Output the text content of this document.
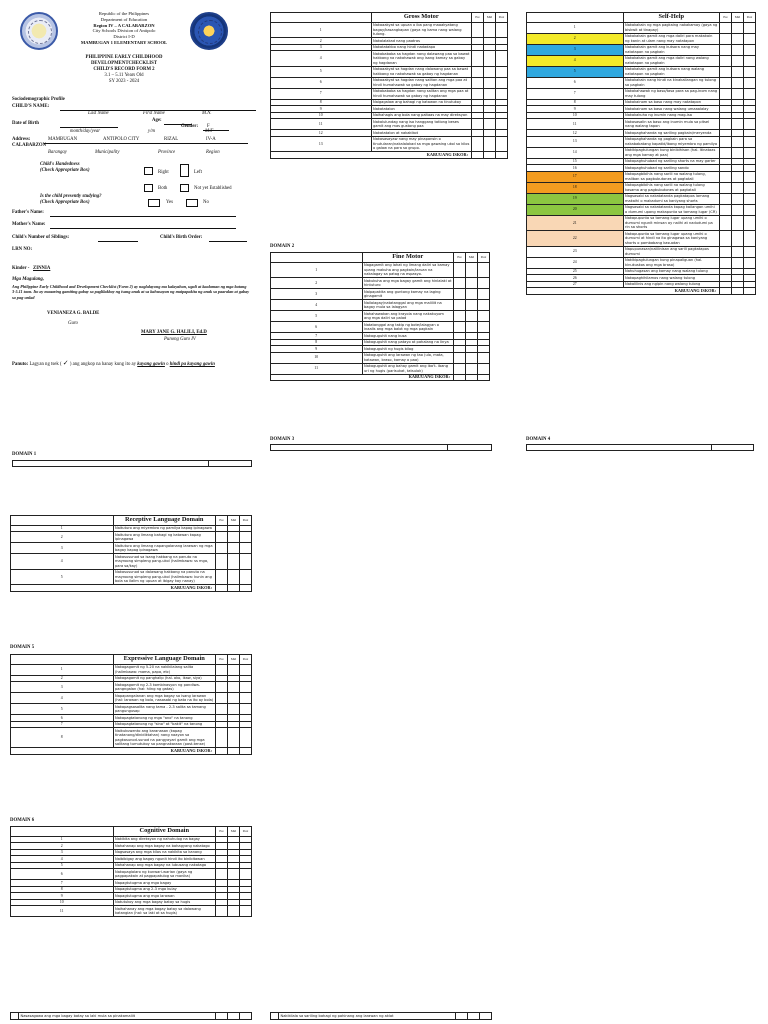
Republic of the Philippines
Department of Education
Region IV – A CALABARZON
City Schools Division of Antipolo
District I-D
MAMBUGAN 1 ELEMENTARY SCHOOL
PHILIPPINE EARLY CHILDHOOD
DEVELOPMENTCHECKLIST
CHILD'S RECORD FORM 2
3.1 – 5.11 Years Old
SY 2023 - 2024
Sociodemographic Profile
CHILD'S NAME:
Last Name	First Name	M.N.
Date of Birth
Age:
Gender: F
month/day/year	y/m	M/F
Address:	MAMBUGAN	ANTIPOLO CITY	RIZAL	IV-A
CALABARZON
Barangay	Municipality	Province	Region
Child's Handedness
(Check Appropriate Box)	Right	Left
Both	Not yet Established
Is the child presently studying?
(Check Appropriate Box)	Yes	No
Father's Name:
Mother's Name:
Child's Number of Siblings:	Child's Birth Order:
LRN NO:
Kinder - ZINNIA
Mga Magulang,
Ang Philippine Early Childhood and Development Checklist (Form 2) ay naglalayong ma kalayahan, ugali at kaalaman ng mga batang 3-5.11 taon. Ito ay maaaring gamiting gabay sa paglilakbay ng isang anak at sa kahusayan ng maipapakita ng anak sa paaralan at gabay sa pag-unlad
VENIANEZA G. BALDE
Guro
MARY JANE G. HALILI, Ed.D
Punong Guro IV
Panuto: Lagyan ng tsek ( ✓ ) ang angkop na hanay kung ito ay kayang gawin o hindi pa kayang gawin
DOMAIN 1
	Gross Motor	Pre	Mid	Post
1	Nakaaakyat sa upuan o iba pang maaakyatang bagay/kasangkapan (gaya ng kama nang walang tulong.			
2	Nakalalakad nang paatras			
3	Nakatatakbo nang hindi nadadapa			
4	Nakabababa sa hagdan nang dalawang paa sa bawat hakbang na nakahawak ang isang kamay sa gabay ng hagdanan			
5	Nakaaakyat sa hagdan nang dalawang paa sa bawat hakbang na nakahawak sa gabay ng hagdanan			
6	Nakaaakyat sa hagdan nang salitan ang mga paa at hindi humahawak sa gabay ng hagdanan			
7	Nakabababa sa hagdan nang salitan ang mga paa at hindi humahawak sa gabay ng hagdanan			
8	Naigagalaw ang bahagi ng katawan na tinutukoy			
9	Nakatatalon			
10	Naihahagis ang bola nang paitaas na may direksyon			
11	Nakalulundag nang isa hanggang tatlong beses gamit ang mas gustong paa			
12	Nakatatalon at nakakikot			
13	Nakasasayaw nang may pinapansin o tinutularan/nakalalakad sa mga gawaing ukol sa kilos o galaw na para sa grupo.			
KABUUANG ISKOR:				
DOMAIN 2
	Fine Motor	Pre	Mid	Post
1	Nagagamit ang lahat ng limang daliri sa kamay upang makuha ang pagkain/laruan na nakalagay sa patag na espasyo.			
2	Nakukuha ang mga bagay gamit ang hinlalaki at hintuturo			
3	Naipapakita ang guntong kamay na laging ginagamit			
4	Nailalagay/natatanggal ang mga maliliit na bagay mula sa lalagyan			
5	Nahahawakan ang krayola nang nakakuyom ang mga daliri sa palad			
6	Natatanggal ang takip ng bote/lalagyan o inaalis ang mga balot ng mga pagkain			
7	Nakaguguhit nang kusa			
8	Nakaguguhit nang patayo at pahalang na linya			
9	Nakaguguhit ng hugis bilog			
10	Nakaguguhit ang larawan ng tao (ulo, mata, katawan, braso, kamay o paa)			
11	Nakaguguhit ang bahay gamit ang iba't- ibang uri ng hugis (parisukat, tatsulok)			
KABUUANG ISKOR:				
DOMAIN 3
	Self-Help	Pre	Mid	Post
1	Nakakakain ng mga pagkaing nakakamay (gaya ng biskwit at tinapay)			
2	Nakakakain gamit ang mga daliri para makakain ng kanin at ulam nang may natatapon			
3	Nakakakain gamit ang kutsara nang may natatapon na pagkain			
4	Nakakakain gamit ang mga daliri nang walang natatapon na pagkain			
5	Nakakakain gamit ang kutsara nang walang natatapon na pagkain			
6	Nakakakain nang hindi na kinakailangan ng tulong sa pagkain			
7	Nakakahawak ng baso/tasa para sa pag-inom nang may tulong			
8	Nakakainom sa baso nang may natatapon			
9	Nakakainom sa baso nang walang umaaalalay			
10	Nakakakuha ng inumin nang mag-isa			
11	Nakasasalin sa baso ang inumin mula sa pitsel nang walang tapon			
12	Nakapaghahanda ng sariling pagkain/meryenda			
13	Nakapaghahanda ng pagkain para sa nakababatang kapatid/ibang miyembro ng pamilya			
14	Nakikipagtulungan kung binibihisan (hal. Itinataas ang mga kamay at paa)			
15	Nakapaghuhubad ng sariling shorts na may garter			
16	Nakapaghuhubad ng sariling sando			
17	Nakapagbibihis nang sarili na walang tulong, maliban sa pagbubutones at pagtatali			
18	Nakapagbibihis nang sarili na walang tulong kasama ang pagbubutones at pagtatali			
19	Nagsasabi sa nakatatanda pagkatapos lamang makaihi o makadumi sa kaniyang shorts			
20	Nagsasabi sa nakatatanda kapag kailangan umihi o dumumi upang makapunta sa tamang lugar (CR)			
21	Nakapupunta sa tamang lugar upang umihi o dumumi ngunit minsan ay naiihi at nadudumi pa rin sa shorts			
22	Nakapupunta sa tamang lugar upang umihi o dumumi at hindi na ito ginagawa sa kaniyang shorts o pambabang kasuotan			
23	Napupunasan/nalilinisan ang sarili pagkatapos dumumi			
24	Nakikipagtulungan kung pinapaliguan (hal. kinukuskos ang mga braso)			
25	Nahuhugasan ang kamay nang walang tulong			
26	Nakapaghihilamos nang walang tulong			
27	Nakalilinis ang ngipin nang walang tulong			
KABUUANG ISKOR:				
DOMAIN 4
	Receptive Language Domain	Pre	Mid	Post
1	Naituturo ang miyembro ng pamilya kapag ipinagawa			
2	Naituturo ang limang bahagi ng katawan kapag ipinagawa			
3	Naituturo ang limang napangalanang larawan ng mga bagay kapag ipinagawa			
4	Nakasusunod sa isang hakbang na panuto na mayroong simpleng pang-ukol (halimbawa: ss mga, para sa/kay)			
5	Nakasusunod sa dalawang hakbang na panuto na mayroong simpleng pang-ukol (halimbawa: kunin ang bola sa ilalim ng upuan at ibigay kay nanay)			
KABUUANG ISKOR:				
DOMAIN 5
	Expressive Language Domain	Pre	Mid	Post
1	Nakagagamit ng 5-20 na nakikilalang salita (halimbawa: mama, papa, etc)			
2	Nakagagamit ng panghalip (hal. ako, ikaw, siya)			
3	Nakagagamit ng 2-3 kombinasyon ng pandiwa-pangngalan (hal: hiing ng gatas)			
4	Napapangalanan ang mga bagay sa isang larawan (hal: larawan ng bola, nasasabi ng bata na ito ay bola)			
5	Nakapagsasalita nang tama - 2-3 salita sa tamang pangungusap			
6	Nakapagtatanong ng mga "ano" na tanong			
7	Nakapagtatanong ng "sino" at "bakit" na tanong			
8	Naikukuwento ang karanasan (kapag tinatanong/dinidiktahan) nang naayon sa pagkasunod-sunod na pangyayari gamit ang mga salitang tumutukoy sa pangnakaraan (past-tense)			
KABUUANG ISKOR:				
DOMAIN 6
	Cognitive Domain	Pre	Mid	Post
1	Nakikita ang direksyon ng nahuhulog na bagay			
2	Nahahanap ang mga bagay na bahagyang nakatago			
3	Nagsasaya ang mga kilos na nakikita sa kanang			
4	Naibibigay ang bagay ngunit hindi ito binibitawan			
5	Nahahanap ang mga bagay na lubusang nakatago			
6	Nakapaglalaro ng kunwari-warian (gaya ng pagpapakain at pagpapatulog sa manika)			
7	Napagtutugma ang mga bagay			
8	Napagtutugma ang 2-3 mga kulay			
9	Napagtutugma ang mga larawan			
10	Natutukoy ang mga bagay batay sa hugis			
11	Naihahanay ang mga bagay batay sa dalawang katangian (hal: sa laki at sa hugis)			
	Nasasagawa ang mga bagay batay sa laki mula sa pinakamaliit			
		Nakikilala sa sariling bahagi ng pahinang ang larawan ng aklat			
